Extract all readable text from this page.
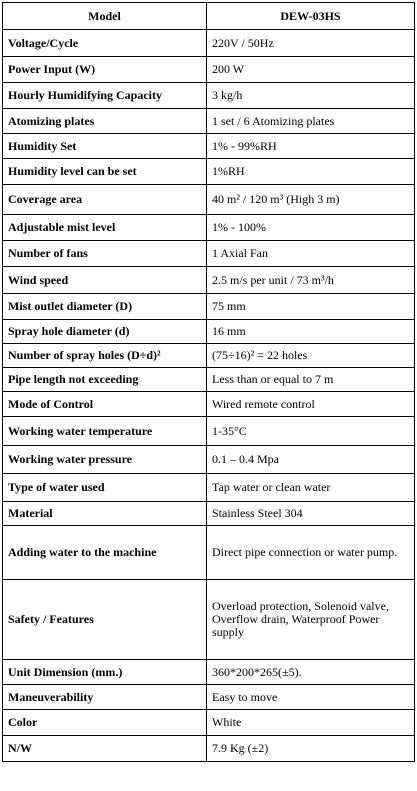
Model	DEW-03HS
Voltage/Cycle	220V / 50Hz
Power Input (W)	200 W
Hourly Humidifying Capacity	3 kg/h
Atomizing plates	1 set / 6 Atomizing plates
Humidity Set	1% - 99%RH
Humidity level can be set	1%RH
Coverage area	40 m² / 120 m³ (High 3 m)
Adjustable mist level	1% - 100%
Number of fans	1 Axial Fan
Wind speed	2.5 m/s per unit / 73 m³/h
Mist outlet diameter (D)	75 mm
Spray hole diameter (d)	16 mm
Number of spray holes (D÷d)²	(75÷16)² = 22 holes
Pipe length not exceeding	Less than or equal to 7 m
Mode of Control	Wired remote control
Working water temperature	1-35°C
Working water pressure	0.1 – 0.4 Mpa
Type of water used	Tap water or clean water
Material	Stainless Steel 304
Adding water to the machine	Direct pipe connection or water pump.
Safety / Features	Overload protection, Solenoid valve, Overflow drain, Waterproof Power supply
Unit Dimension (mm.)	360*200*265(±5).
Maneuverability	Easy to move
Color	White
N/W	7.9 Kg (±2)
